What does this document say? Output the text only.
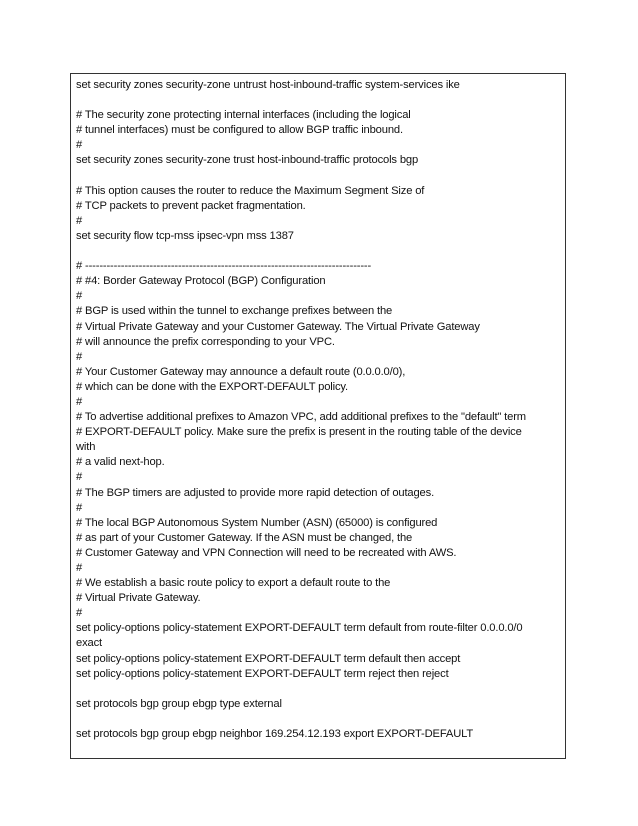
set security zones security-zone untrust host-inbound-traffic system-services ike
# The security zone protecting internal interfaces (including the logical
# tunnel interfaces) must be configured to allow BGP traffic inbound.
#
set security zones security-zone trust host-inbound-traffic protocols bgp
# This option causes the router to reduce the Maximum Segment Size of
# TCP packets to prevent packet fragmentation.
#
set security flow tcp-mss ipsec-vpn mss 1387
# --------------------------------------------------------------------------------
# #4: Border Gateway Protocol (BGP) Configuration
#
# BGP is used within the tunnel to exchange prefixes between the
# Virtual Private Gateway and your Customer Gateway. The Virtual Private Gateway
# will announce the prefix corresponding to your VPC.
#
# Your Customer Gateway may announce a default route (0.0.0.0/0),
# which can be done with the EXPORT-DEFAULT policy.
#
# To advertise additional prefixes to Amazon VPC, add additional prefixes to the "default" term
# EXPORT-DEFAULT policy. Make sure the prefix is present in the routing table of the device
with
# a valid next-hop.
#
# The BGP timers are adjusted to provide more rapid detection of outages.
#
# The local BGP Autonomous System Number (ASN) (65000) is configured
# as part of your Customer Gateway. If the ASN must be changed, the
# Customer Gateway and VPN Connection will need to be recreated with AWS.
#
# We establish a basic route policy to export a default route to the
# Virtual Private Gateway.
#
set policy-options policy-statement EXPORT-DEFAULT term default from route-filter 0.0.0.0/0
exact
set policy-options policy-statement EXPORT-DEFAULT term default then accept
set policy-options policy-statement EXPORT-DEFAULT term reject then reject
set protocols bgp group ebgp type external
set protocols bgp group ebgp neighbor 169.254.12.193 export EXPORT-DEFAULT
